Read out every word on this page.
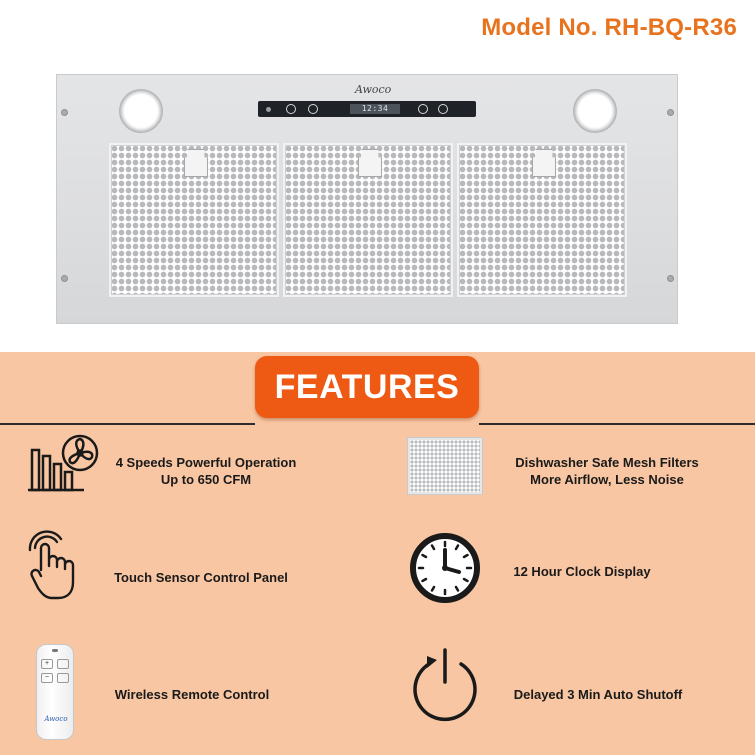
Model No. RH-BQ-R36
Awoco
12:34
FEATURES
4 Speeds Powerful Operation
Up to 650 CFM
Dishwasher Safe Mesh Filters
More Airflow, Less Noise
Touch Sensor Control Panel	12 Hour Clock Display
+
−
Awoco
Wireless Remote Control	Delayed 3 Min Auto Shutoff
